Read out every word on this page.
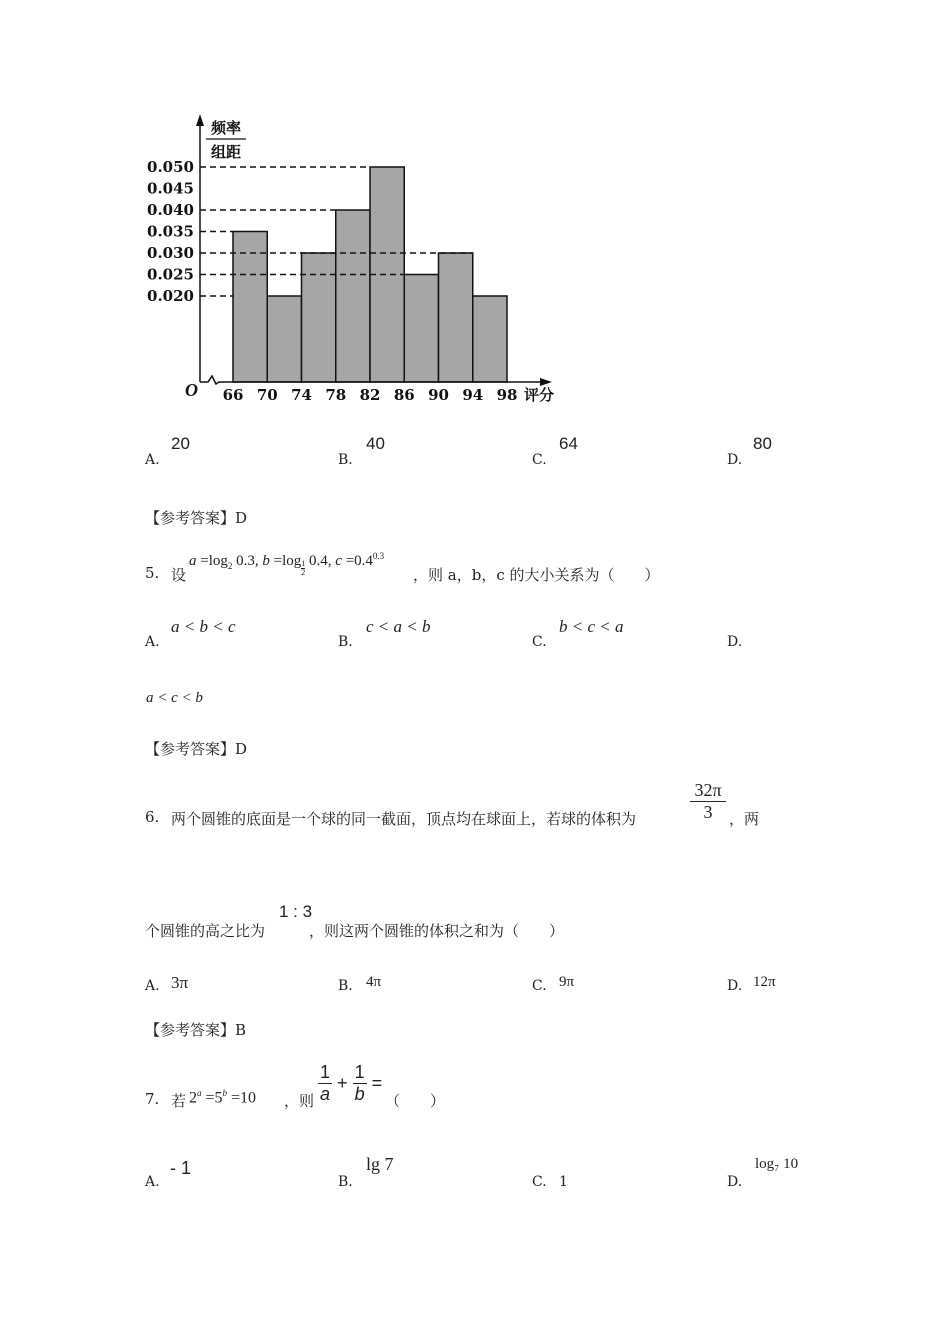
0.050
0.045
0.040
0.035
0.030
0.025
0.020
66 70 74 78 82 86 90 94 98
O	评分
频率
组距
A.
20
B.
40
C.
64
D.
80
【参考答案】D
5. 设
$a =\log_2$ 0.3, b =log $_{\frac{1}{2}}$ 0.4, $c =0.4^{0.3}$
，则 a，b，c 的大小关系为（　　）
A.
a < b < c
B.
c < a < b
C.
b < c < a
D.
a < c < b
【参考答案】D
6. 两个圆锥的底面是一个球的同一截面，顶点均在球面上，若球的体积为	$\frac{32\pi}{3}$ ，两
个圆锥的高之比为
1 : 3
，则这两个圆锥的体积之和为（　　）
A. 3π	B. 4π	C. 9π	D. 12π
【参考答案】B
7. 若 $2^a =5^b =10$ ，则 $\frac{1}{a} + \frac{1}{b}$ =
（　　）
A.
- 1
B.
lg 7
C. 1	D.
log₇ 10
